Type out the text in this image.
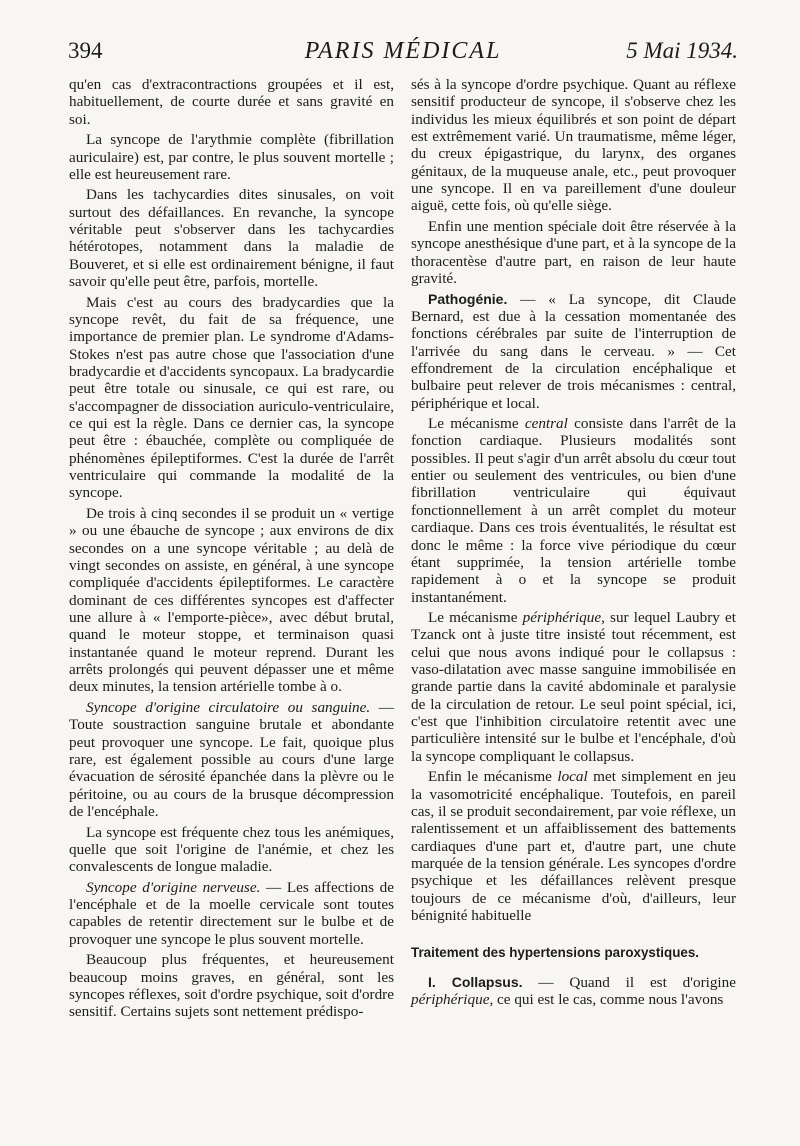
394	PARIS MÉDICAL	5 Mai 1934.

qu'en cas d'extracontractions groupées et il est, habituellement, de courte durée et sans gravité en soi.

La syncope de l'arythmie complète (fibrillation auriculaire) est, par contre, le plus souvent mortelle ; elle est heureusement rare.

Dans les tachycardies dites sinusales, on voit surtout des défaillances. En revanche, la syncope véritable peut s'observer dans les tachycardies hétérotopes, notamment dans la maladie de Bouveret, et si elle est ordinairement bénigne, il faut savoir qu'elle peut être, parfois, mortelle.

Mais c'est au cours des bradycardies que la syncope revêt, du fait de sa fréquence, une importance de premier plan. Le syndrome d'Adams-Stokes n'est pas autre chose que l'association d'une bradycardie et d'accidents syncopaux. La bradycardie peut être totale ou sinusale, ce qui est rare, ou s'accompagner de dissociation auriculo-ventriculaire, ce qui est la règle. Dans ce dernier cas, la syncope peut être : ébauchée, complète ou compliquée de phénomènes épileptiformes. C'est la durée de l'arrêt ventriculaire qui commande la modalité de la syncope.

De trois à cinq secondes il se produit un « vertige » ou une ébauche de syncope ; aux environs de dix secondes on a une syncope véritable ; au delà de vingt secondes on assiste, en général, à une syncope compliquée d'accidents épileptiformes. Le caractère dominant de ces différentes syncopes est d'affecter une allure à « l'emporte-pièce», avec début brutal, quand le moteur stoppe, et terminaison quasi instantanée quand le moteur reprend. Durant les arrêts prolongés qui peuvent dépasser une et même deux minutes, la tension artérielle tombe à o.

Syncope d'origine circulatoire ou sanguine. — Toute soustraction sanguine brutale et abondante peut provoquer une syncope. Le fait, quoique plus rare, est également possible au cours d'une large évacuation de sérosité épanchée dans la plèvre ou le péritoine, ou au cours de la brusque décompression de l'encéphale.

La syncope est fréquente chez tous les anémiques, quelle que soit l'origine de l'anémie, et chez les convalescents de longue maladie.

Syncope d'origine nerveuse. — Les affections de l'encéphale et de la moelle cervicale sont toutes capables de retentir directement sur le bulbe et de provoquer une syncope le plus souvent mortelle.

Beaucoup plus fréquentes, et heureusement beaucoup moins graves, en général, sont les syncopes réflexes, soit d'ordre psychique, soit d'ordre sensitif. Certains sujets sont nettement prédispo-

sés à la syncope d'ordre psychique. Quant au réflexe sensitif producteur de syncope, il s'observe chez les individus les mieux équilibrés et son point de départ est extrêmement varié. Un traumatisme, même léger, du creux épigastrique, du larynx, des organes génitaux, de la muqueuse anale, etc., peut provoquer une syncope. Il en va pareillement d'une douleur aiguë, cette fois, où qu'elle siège.

Enfin une mention spéciale doit être réservée à la syncope anesthésique d'une part, et à la syncope de la thoracentèse d'autre part, en raison de leur haute gravité.

Pathogénie. — « La syncope, dit Claude Bernard, est due à la cessation momentanée des fonctions cérébrales par suite de l'interruption de l'arrivée du sang dans le cerveau. » — Cet effondrement de la circulation encéphalique et bulbaire peut relever de trois mécanismes : central, périphérique et local.

Le mécanisme central consiste dans l'arrêt de la fonction cardiaque. Plusieurs modalités sont possibles. Il peut s'agir d'un arrêt absolu du cœur tout entier ou seulement des ventricules, ou bien d'une fibrillation ventriculaire qui équivaut fonctionnellement à un arrêt complet du moteur cardiaque. Dans ces trois éventualités, le résultat est donc le même : la force vive périodique du cœur étant supprimée, la tension artérielle tombe rapidement à o et la syncope se produit instantanément.

Le mécanisme périphérique, sur lequel Laubry et Tzanck ont à juste titre insisté tout récemment, est celui que nous avons indiqué pour le collapsus : vaso-dilatation avec masse sanguine immobilisée en grande partie dans la cavité abdominale et paralysie de la circulation de retour. Le seul point spécial, ici, c'est que l'inhibition circulatoire retentit avec une particulière intensité sur le bulbe et l'encéphale, d'où la syncope compliquant le collapsus.

Enfin le mécanisme local met simplement en jeu la vasomotricité encéphalique. Toutefois, en pareil cas, il se produit secondairement, par voie réflexe, un ralentissement et un affaiblissement des battements cardiaques d'une part et, d'autre part, une chute marquée de la tension générale. Les syncopes d'ordre psychique et les défaillances relèvent presque toujours de ce mécanisme d'où, d'ailleurs, leur bénignité habituelle

Traitement des hypertensions paroxystiques.

I. Collapsus. — Quand il est d'origine périphérique, ce qui est le cas, comme nous l'avons
